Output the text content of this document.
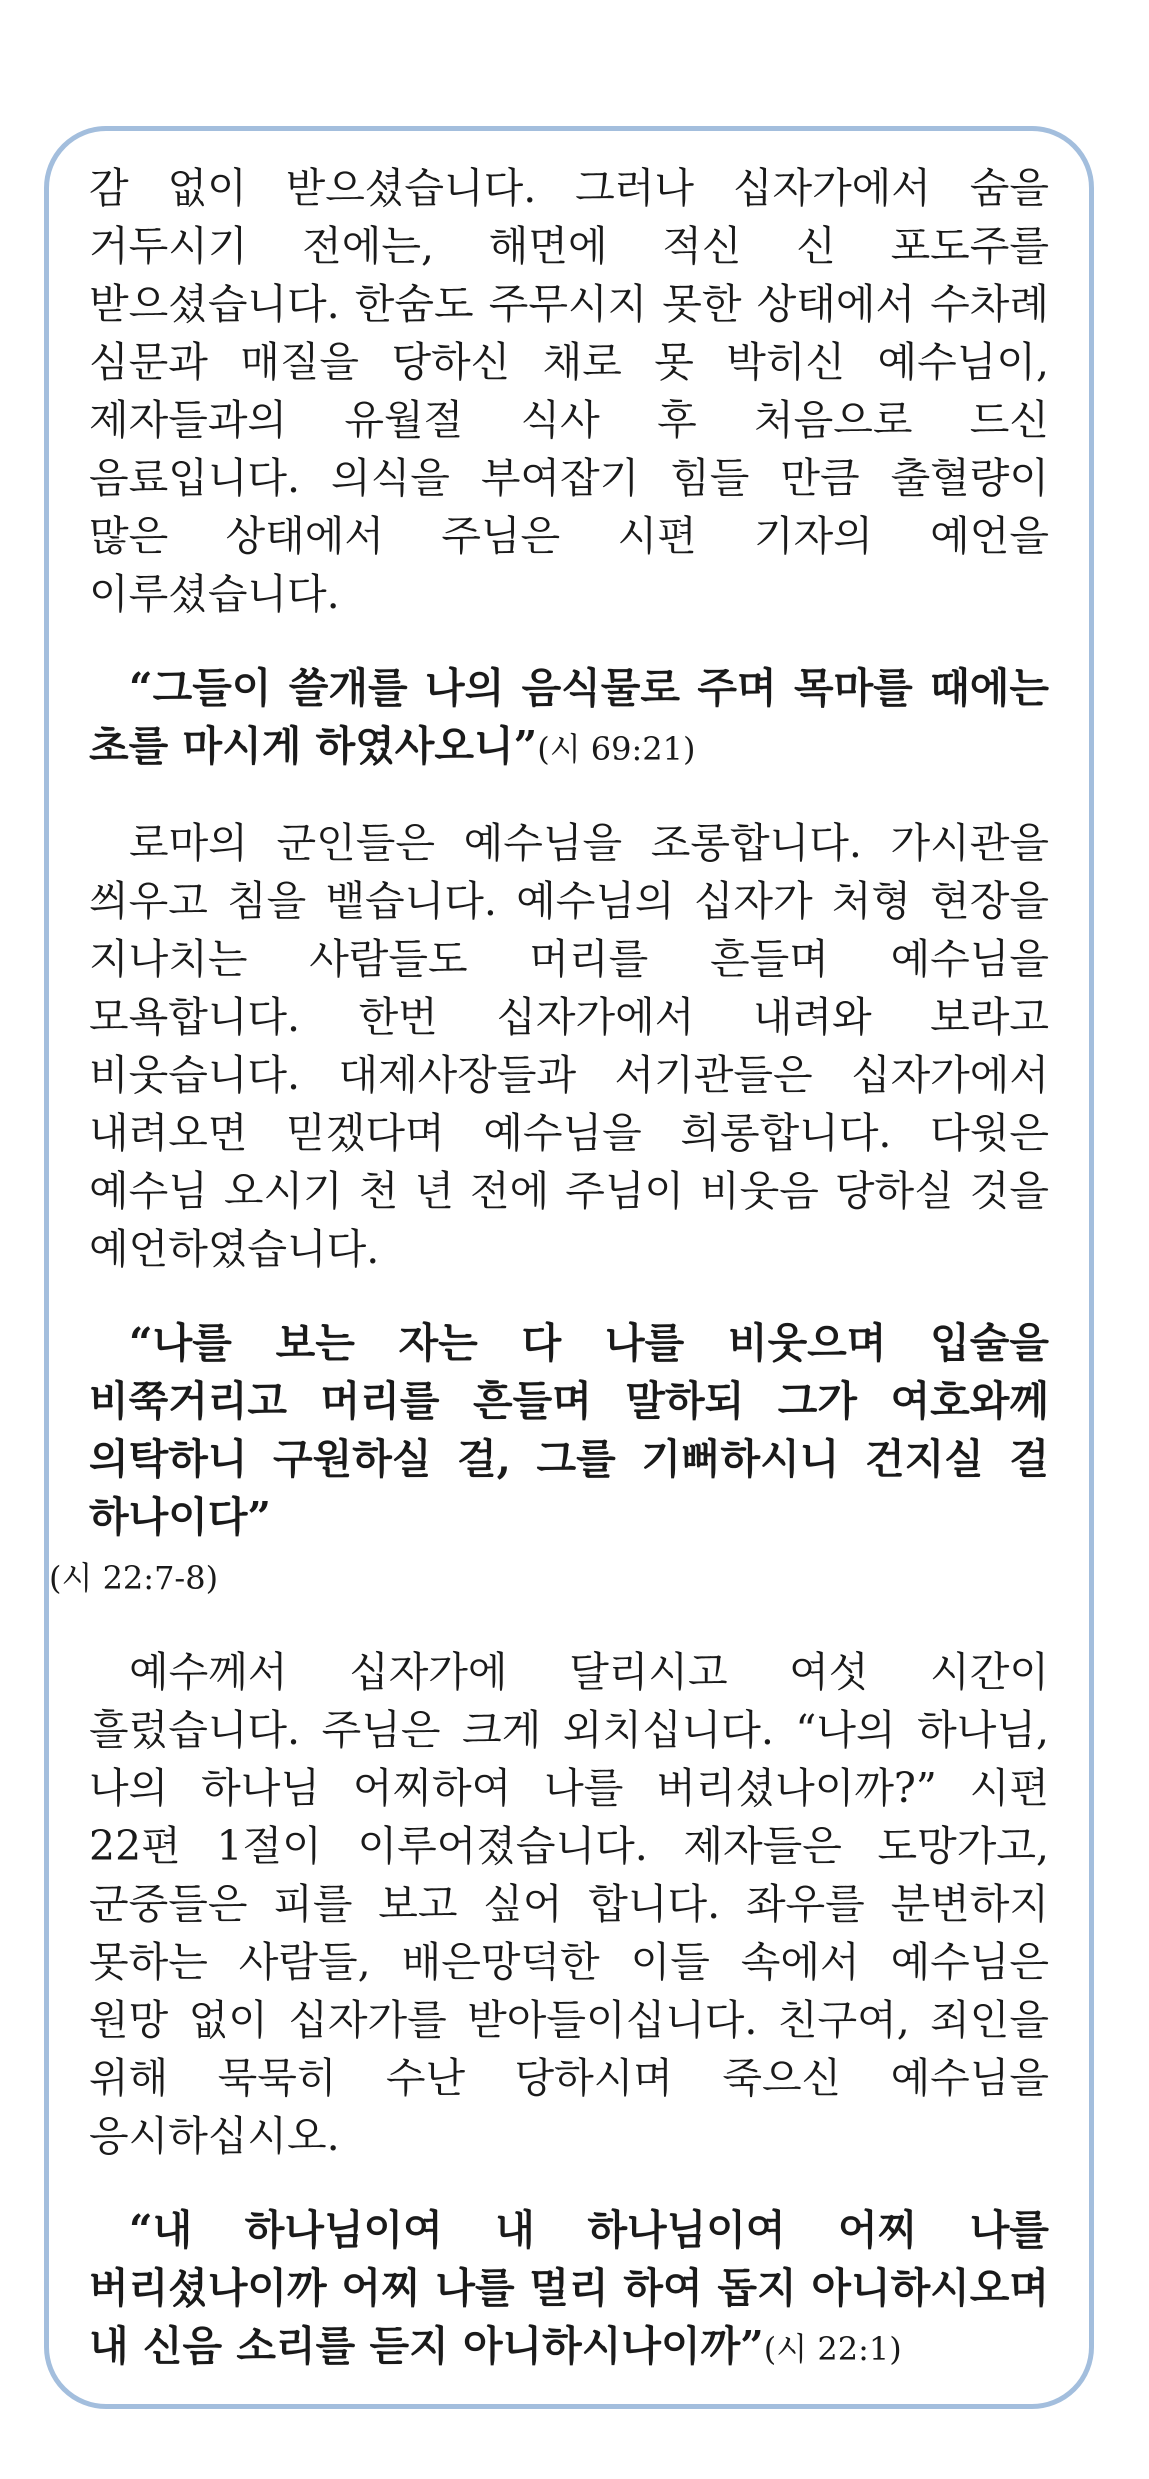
감 없이 받으셨습니다. 그러나 십자가에서 숨을 거두시기 전에는, 해면에 적신 신 포도주를 받으셨습니다. 한숨도 주무시지 못한 상태에서 수차례 심문과 매질을 당하신 채로 못 박히신 예수님이, 제자들과의 유월절 식사 후 처음으로 드신 음료입니다. 의식을 부여잡기 힘들 만큼 출혈량이 많은 상태에서 주님은 시편 기자의 예언을 이루셨습니다.

“그들이 쓸개를 나의 음식물로 주며 목마를 때에는 초를 마시게 하였사오니”(시 69:21)

로마의 군인들은 예수님을 조롱합니다. 가시관을 씌우고 침을 뱉습니다. 예수님의 십자가 처형 현장을 지나치는 사람들도 머리를 흔들며 예수님을 모욕합니다. 한번 십자가에서 내려와 보라고 비웃습니다. 대제사장들과 서기관들은 십자가에서 내려오면 믿겠다며 예수님을 희롱합니다. 다윗은 예수님 오시기 천 년 전에 주님이 비웃음 당하실 것을 예언하였습니다.

“나를 보는 자는 다 나를 비웃으며 입술을 비쭉거리고 머리를 흔들며 말하되 그가 여호와께 의탁하니 구원하실 걸, 그를 기뻐하시니 건지실 걸 하나이다”
(시 22:7-8)

예수께서 십자가에 달리시고 여섯 시간이 흘렀습니다. 주님은 크게 외치십니다. “나의 하나님, 나의 하나님 어찌하여 나를 버리셨나이까?” 시편 22편 1절이 이루어졌습니다. 제자들은 도망가고, 군중들은 피를 보고 싶어 합니다. 좌우를 분변하지 못하는 사람들, 배은망덕한 이들 속에서 예수님은 원망 없이 십자가를 받아들이십니다. 친구여, 죄인을 위해 묵묵히 수난 당하시며 죽으신 예수님을 응시하십시오.

“내 하나님이여 내 하나님이여 어찌 나를 버리셨나이까 어찌 나를 멀리 하여 돕지 아니하시오며 내 신음 소리를 듣지 아니하시나이까”(시 22:1)
